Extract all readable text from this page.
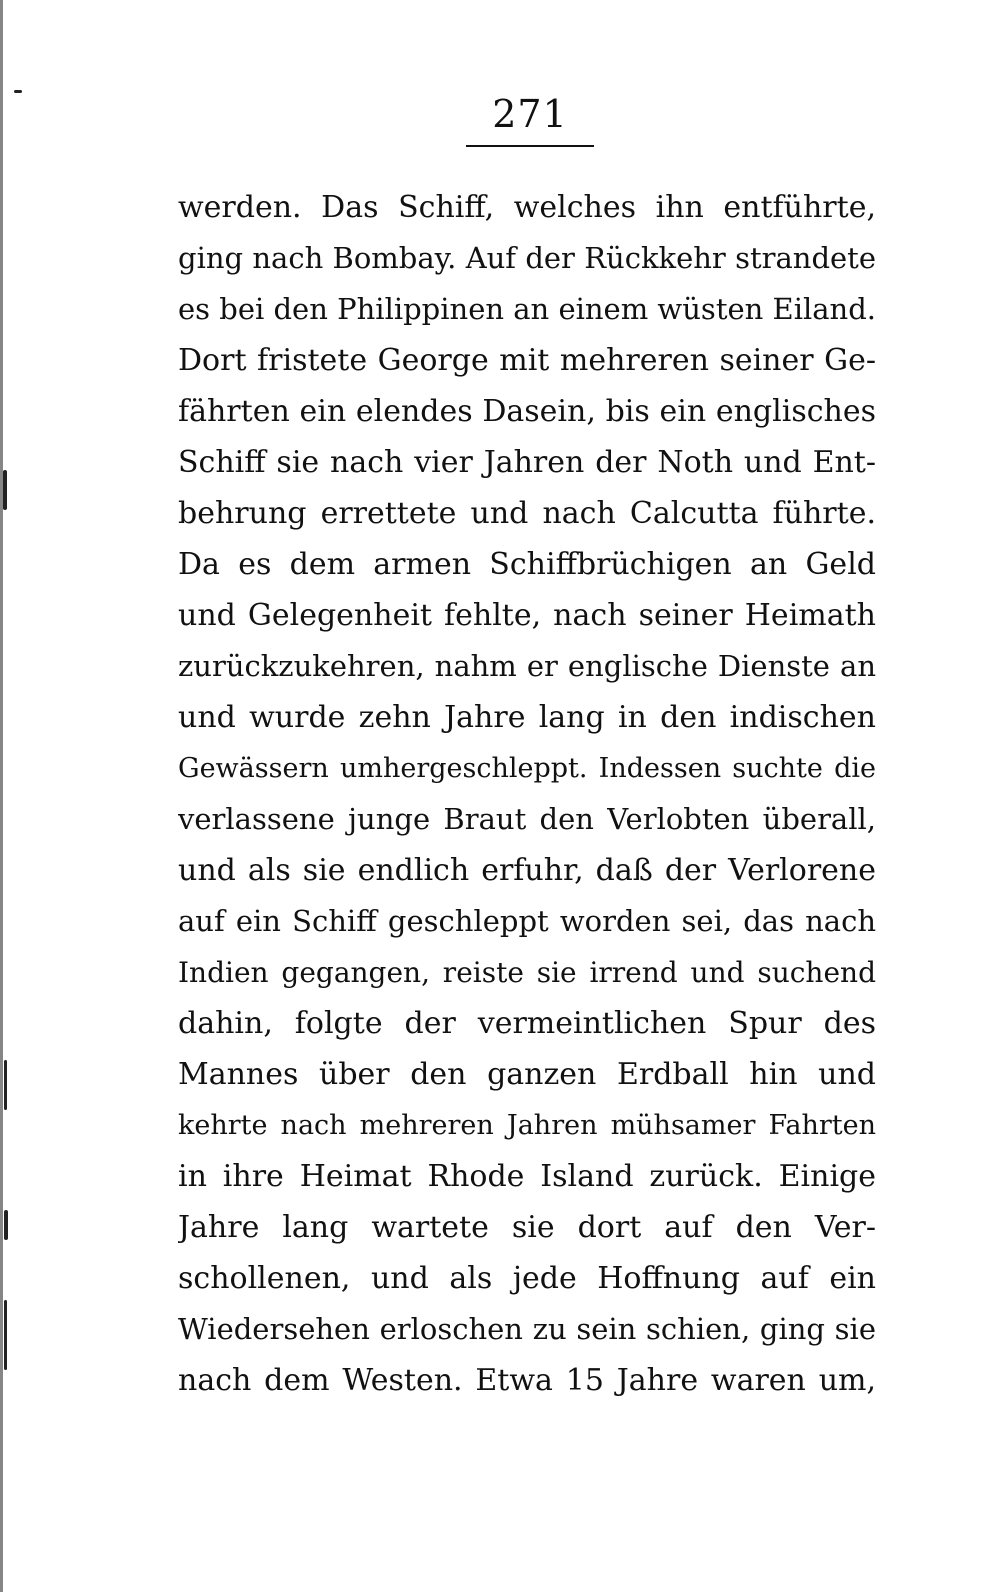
271
werden. Das Schiff, welches ihn entführte,
ging nach Bombay. Auf der Rückkehr strandete
es bei den Philippinen an einem wüsten Eiland.
Dort fristete George mit mehreren seiner Ge-
fährten ein elendes Dasein, bis ein englisches
Schiff sie nach vier Jahren der Noth und Ent-
behrung errettete und nach Calcutta führte.
Da es dem armen Schiffbrüchigen an Geld
und Gelegenheit fehlte, nach seiner Heimath
zurückzukehren, nahm er englische Dienste an
und wurde zehn Jahre lang in den indischen
Gewässern umhergeschleppt. Indessen suchte die
verlassene junge Braut den Verlobten überall,
und als sie endlich erfuhr, daß der Verlorene
auf ein Schiff geschleppt worden sei, das nach
Indien gegangen, reiste sie irrend und suchend
dahin, folgte der vermeintlichen Spur des
Mannes über den ganzen Erdball hin und
kehrte nach mehreren Jahren mühsamer Fahrten
in ihre Heimat Rhode Island zurück. Einige
Jahre lang wartete sie dort auf den Ver-
schollenen, und als jede Hoffnung auf ein
Wiedersehen erloschen zu sein schien, ging sie
nach dem Westen. Etwa 15 Jahre waren um,
